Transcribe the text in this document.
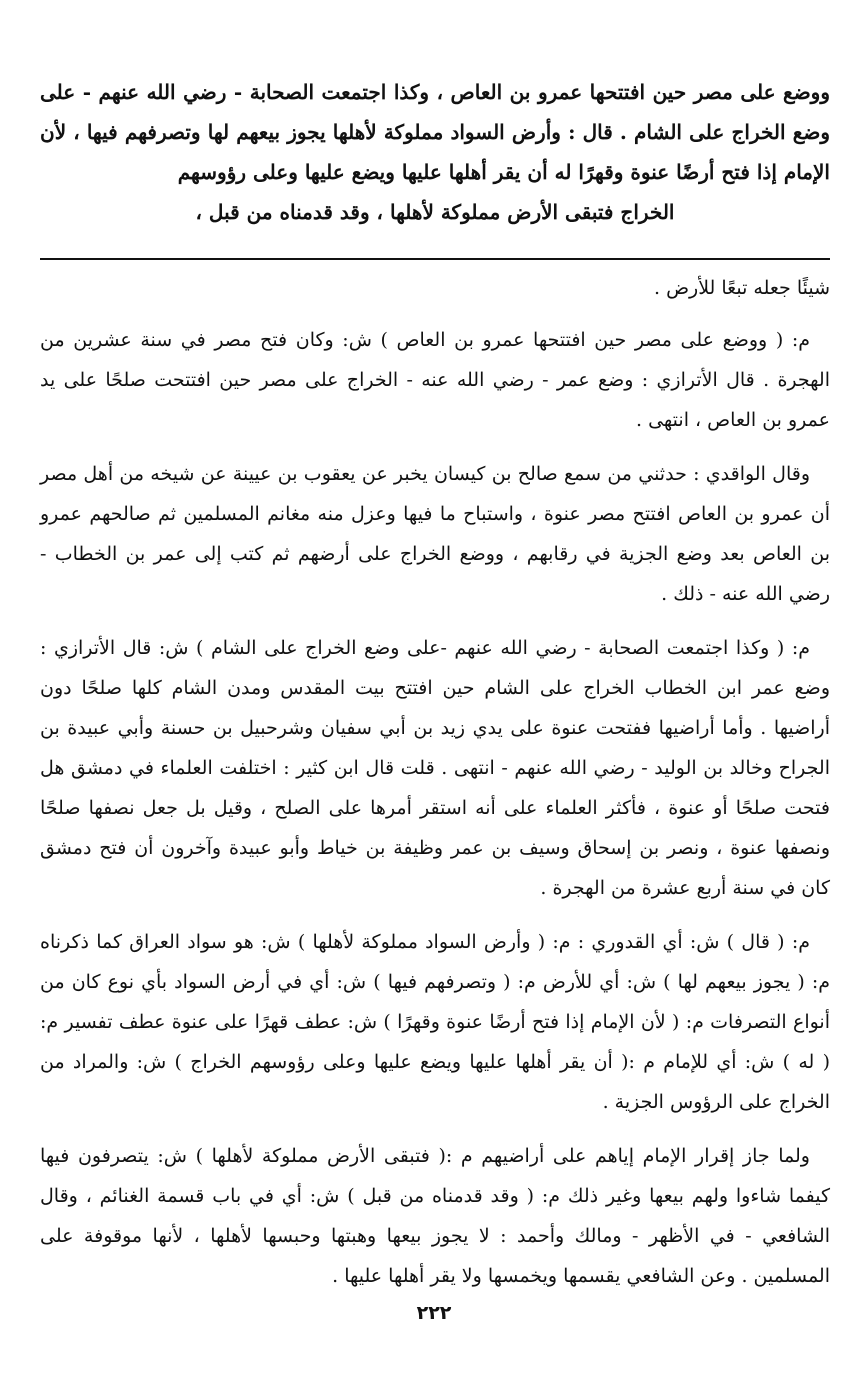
ووضع على مصر حين افتتحها عمرو بن العاص ، وكذا اجتمعت الصحابة - رضي الله عنهم - على وضع الخراج على الشام . قال : وأرض السواد مملوكة لأهلها يجوز بيعهم لها وتصرفهم فيها ، لأن الإمام إذا فتح أرضًا عنوة وقهرًا له أن يقر أهلها عليها ويضع عليها وعلى رؤوسهم
الخراج فتبقى الأرض مملوكة لأهلها ، وقد قدمناه من قبل ،

شيئًا جعله تبعًا للأرض .

م: ( ووضع على مصر حين افتتحها عمرو بن العاص ) ش: وكان فتح مصر في سنة عشرين من الهجرة . قال الأترازي : وضع عمر - رضي الله عنه - الخراج على مصر حين افتتحت صلحًا على يد عمرو بن العاص ، انتهى .

وقال الواقدي : حدثني من سمع صالح بن كيسان يخبر عن يعقوب بن عيينة عن شيخه من أهل مصر أن عمرو بن العاص افتتح مصر عنوة ، واستباح ما فيها وعزل منه مغانم المسلمين ثم صالحهم عمرو بن العاص بعد وضع الجزية في رقابهم ، ووضع الخراج على أرضهم ثم كتب إلى عمر بن الخطاب - رضي الله عنه - ذلك .

م: ( وكذا اجتمعت الصحابة - رضي الله عنهم -على وضع الخراج على الشام ) ش: قال الأترازي : وضع عمر ابن الخطاب الخراج على الشام حين افتتح بيت المقدس ومدن الشام كلها صلحًا دون أراضيها . وأما أراضيها ففتحت عنوة على يدي زيد بن أبي سفيان وشرحبيل بن حسنة وأبي عبيدة بن الجراح وخالد بن الوليد - رضي الله عنهم - انتهى . قلت قال ابن كثير : اختلفت العلماء في دمشق هل فتحت صلحًا أو عنوة ، فأكثر العلماء على أنه استقر أمرها على الصلح ، وقيل بل جعل نصفها صلحًا ونصفها عنوة ، ونصر بن إسحاق وسيف بن عمر وظيفة بن خياط وأبو عبيدة وآخرون أن فتح دمشق كان في سنة أربع عشرة من الهجرة .

م: ( قال ) ش: أي القدوري : م: ( وأرض السواد مملوكة لأهلها ) ش: هو سواد العراق كما ذكرناه م: ( يجوز بيعهم لها ) ش: أي للأرض م: ( وتصرفهم فيها ) ش: أي في أرض السواد بأي نوع كان من أنواع التصرفات م: ( لأن الإمام إذا فتح أرضًا عنوة وقهرًا ) ش: عطف قهرًا على عنوة عطف تفسير م: ( له ) ش: أي للإمام م :( أن يقر أهلها عليها ويضع عليها وعلى رؤوسهم الخراج ) ش: والمراد من الخراج على الرؤوس الجزية .

ولما جاز إقرار الإمام إياهم على أراضيهم م :( فتبقى الأرض مملوكة لأهلها ) ش: يتصرفون فيها كيفما شاءوا ولهم بيعها وغير ذلك م: ( وقد قدمناه من قبل ) ش: أي في باب قسمة الغنائم ، وقال الشافعي - في الأظهر - ومالك وأحمد : لا يجوز بيعها وهبتها وحبسها لأهلها ، لأنها موقوفة على المسلمين . وعن الشافعي يقسمها ويخمسها ولا يقر أهلها عليها .

٢٢٢
